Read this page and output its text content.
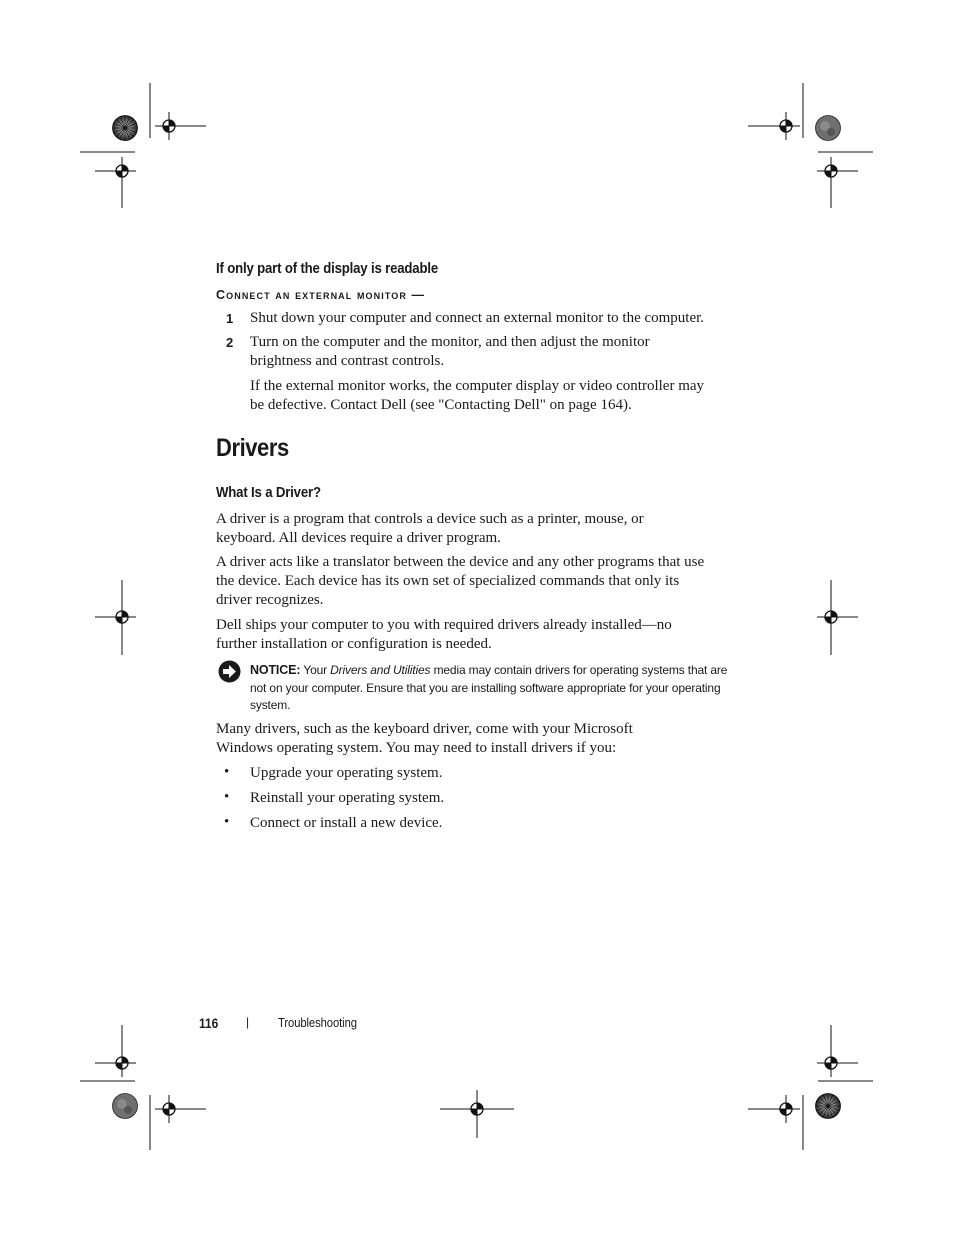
If only part of the display is readable
Connect an external monitor —
1 Shut down your computer and connect an external monitor to the computer.
2 Turn on the computer and the monitor, and then adjust the monitor brightness and contrast controls.
If the external monitor works, the computer display or video controller may be defective. Contact Dell (see "Contacting Dell" on page 164).
Drivers
What Is a Driver?
A driver is a program that controls a device such as a printer, mouse, or keyboard. All devices require a driver program.
A driver acts like a translator between the device and any other programs that use the device. Each device has its own set of specialized commands that only its driver recognizes.
Dell ships your computer to you with required drivers already installed—no further installation or configuration is needed.
NOTICE: Your Drivers and Utilities media may contain drivers for operating systems that are not on your computer. Ensure that you are installing software appropriate for your operating system.
Many drivers, such as the keyboard driver, come with your Microsoft Windows operating system. You may need to install drivers if you:
• Upgrade your operating system.
• Reinstall your operating system.
• Connect or install a new device.
116 | Troubleshooting
